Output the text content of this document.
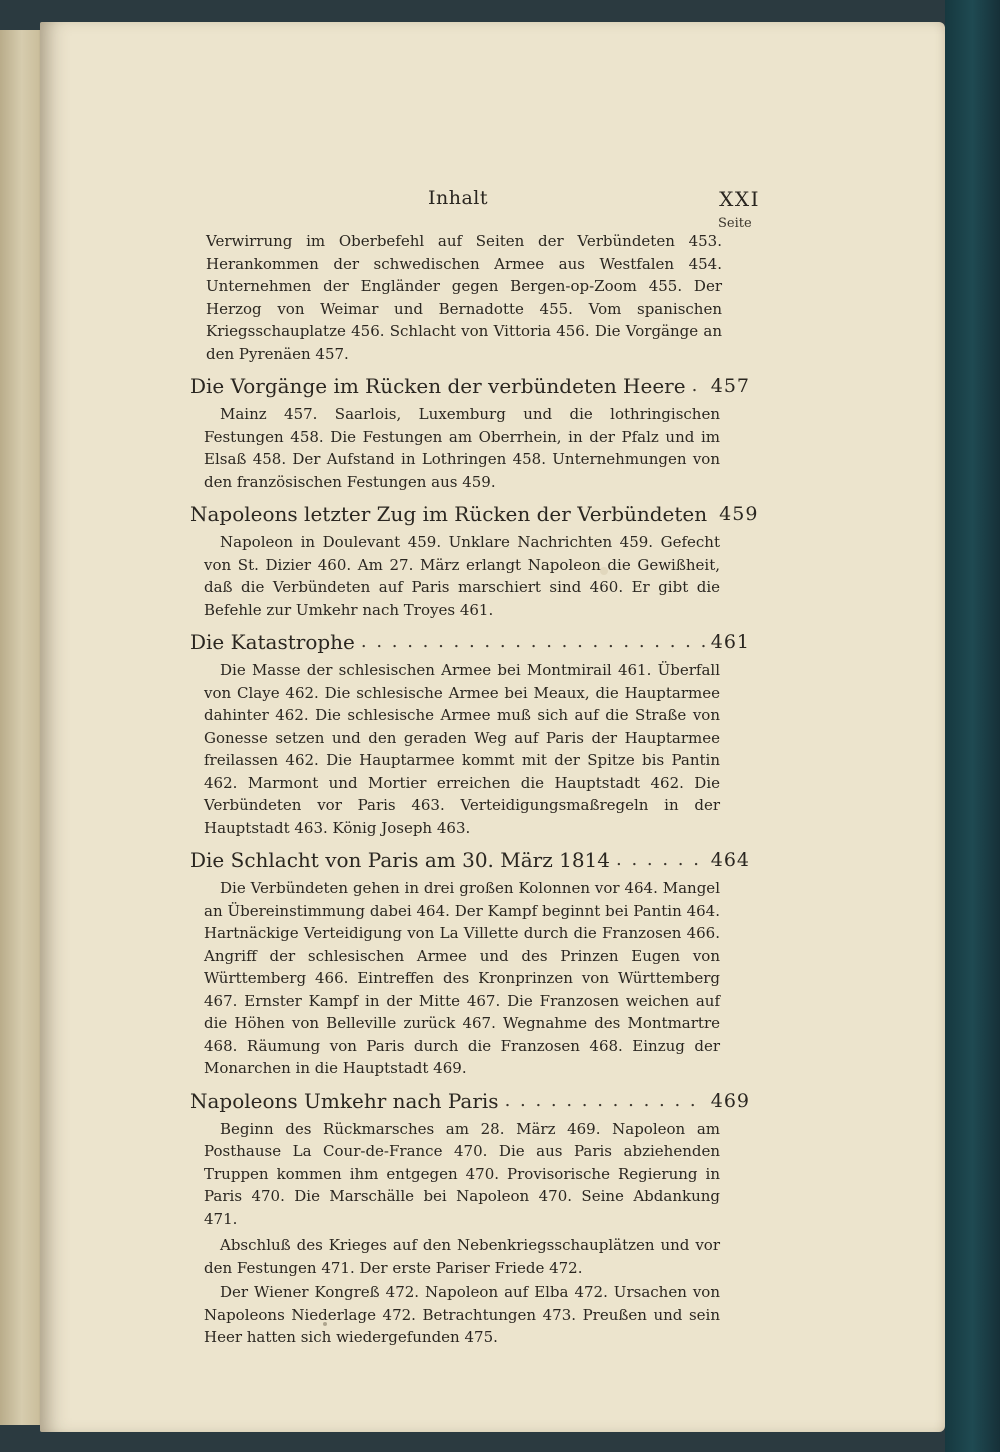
Inhalt	XXI
Seite

Verwirrung im Oberbefehl auf Seiten der Verbündeten 453. Herankommen der schwedischen Armee aus Westfalen 454. Unternehmen der Engländer gegen Bergen-op-Zoom 455. Der Herzog von Weimar und Bernadotte 455. Vom spanischen Kriegsschauplatze 456. Schlacht von Vittoria 456. Die Vorgänge an den Pyrenäen 457.

Die Vorgänge im Rücken der verbündeten Heere . . . 457

Mainz 457. Saarlois, Luxemburg und die lothringischen Festungen 458. Die Festungen am Oberrhein, in der Pfalz und im Elsaß 458. Der Aufstand in Lothringen 458. Unternehmungen von den französischen Festungen aus 459.

Napoleons letzter Zug im Rücken der Verbündeten 459

Napoleon in Doulevant 459. Unklare Nachrichten 459. Gefecht von St. Dizier 460. Am 27. März erlangt Napoleon die Gewißheit, daß die Verbündeten auf Paris marschiert sind 460. Er gibt die Befehle zur Umkehr nach Troyes 461.

Die Katastrophe . . .	461

Die Masse der schlesischen Armee bei Montmirail 461. Überfall von Claye 462. Die schlesische Armee bei Meaux, die Hauptarmee dahinter 462. Die schlesische Armee muß sich auf die Straße von Gonesse setzen und den geraden Weg auf Paris der Hauptarmee freilassen 462. Die Hauptarmee kommt mit der Spitze bis Pantin 462. Marmont und Mortier erreichen die Hauptstadt 462. Die Verbündeten vor Paris 463. Verteidigungsmaßregeln in der Hauptstadt 463. König Joseph 463.

Die Schlacht von Paris am 30. März 1814 . . .	464

Die Verbündeten gehen in drei großen Kolonnen vor 464. Mangel an Übereinstimmung dabei 464. Der Kampf beginnt bei Pantin 464. Hartnäckige Verteidigung von La Villette durch die Franzosen 466. Angriff der schlesischen Armee und des Prinzen Eugen von Württemberg 466. Eintreffen des Kronprinzen von Württemberg 467. Ernster Kampf in der Mitte 467. Die Franzosen weichen auf die Höhen von Belleville zurück 467. Wegnahme des Montmartre 468. Räumung von Paris durch die Franzosen 468. Einzug der Monarchen in die Hauptstadt 469.

Napoleons Umkehr nach Paris . . .	469

Beginn des Rückmarsches am 28. März 469. Napoleon am Posthause La Cour-de-France 470. Die aus Paris abziehenden Truppen kommen ihm entgegen 470. Provisorische Regierung in Paris 470. Die Marschälle bei Napoleon 470. Seine Abdankung 471.

Abschluß des Krieges auf den Nebenkriegsschauplätzen und vor den Festungen 471. Der erste Pariser Friede 472.

Der Wiener Kongreß 472. Napoleon auf Elba 472. Ursachen von Napoleons Niederlage 472. Betrachtungen 473. Preußen und sein Heer hatten sich wiedergefunden 475.
